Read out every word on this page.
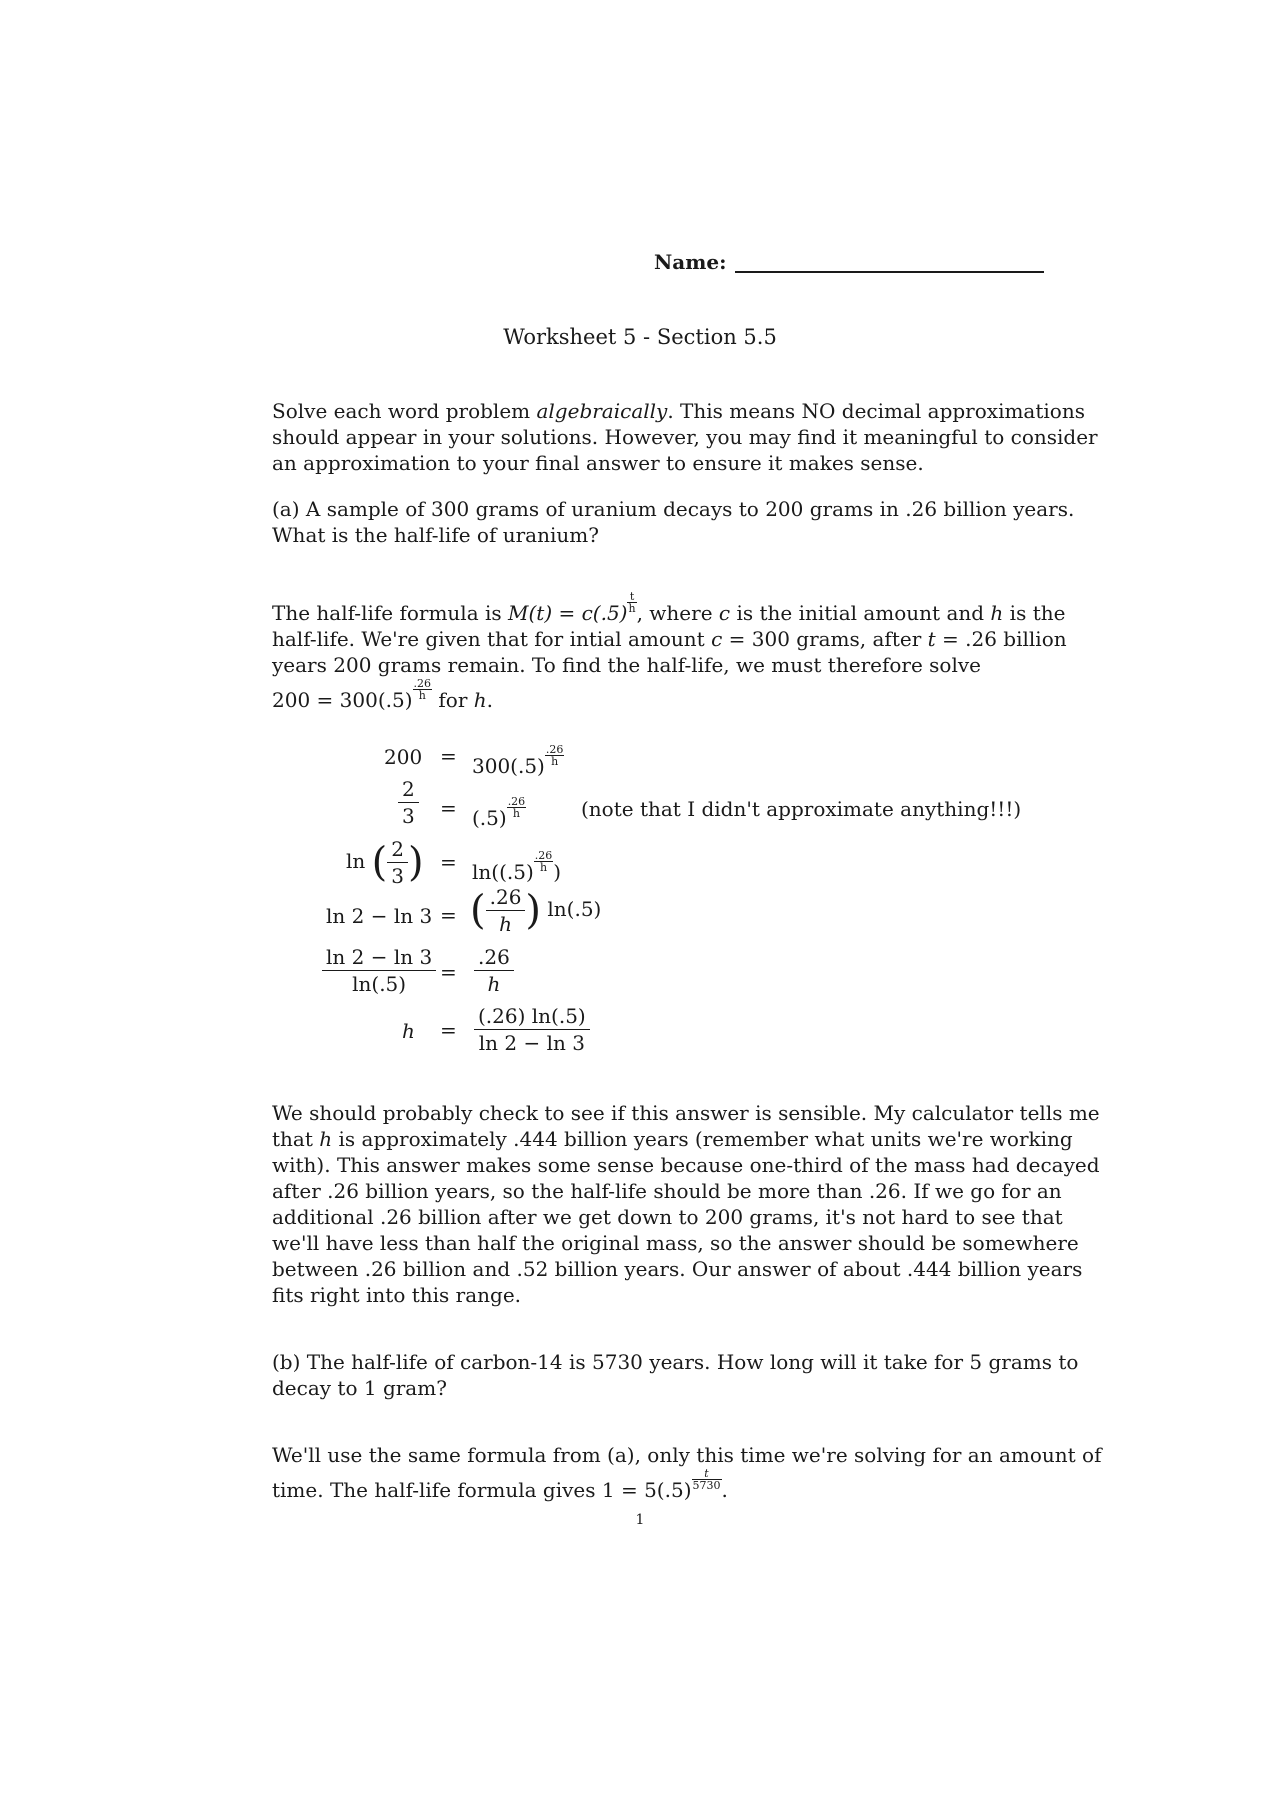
Name:
Worksheet 5 - Section 5.5
Solve each word problem algebraically. This means NO decimal approximations
should appear in your solutions. However, you may find it meaningful to consider
an approximation to your final answer to ensure it makes sense.
(a) A sample of 300 grams of uranium decays to 200 grams in .26 billion years.
What is the half-life of uranium?
The half-life formula is $M(t) = c(.5) \frac{t}{h}$ , where c is the initial amount and h is the
half-life. We're given that for intial amount c = 300 grams, after t = .26 billion
years 200 grams remain. To find the half-life, we must therefore solve
$200 = 300(.5) \frac{.26}{h}$ for h.
$200 = 300(.5) \frac{.26}{h}$
$\frac{2}{3} = (.5) \frac{.26}{h}$	(note that I didn't approximate anything!!!)
ln ( $\frac{2}{3}$ ) = $\ln((.5) \frac{.26}{h}$ )
ln 2 − ln 3 = ( $\frac{.26}{h}$ ) ln(.5)
$\frac{\ln 2 - \ln 3}{\ln(.5)} = \frac{.26}{h}$
$h = \frac{(.26) \ln(.5)}{\ln 2 - \ln 3}$
We should probably check to see if this answer is sensible. My calculator tells me
that h is approximately .444 billion years (remember what units we're working
with). This answer makes some sense because one-third of the mass had decayed
after .26 billion years, so the half-life should be more than .26. If we go for an
additional .26 billion after we get down to 200 grams, it's not hard to see that
we'll have less than half the original mass, so the answer should be somewhere
between .26 billion and .52 billion years. Our answer of about .444 billion years
fits right into this range.
(b) The half-life of carbon-14 is 5730 years. How long will it take for 5 grams to
decay to 1 gram?
We'll use the same formula from (a), only this time we're solving for an amount of
time. The half-life formula gives $1 = 5(.5) \frac{t}{5730}$ .
1
